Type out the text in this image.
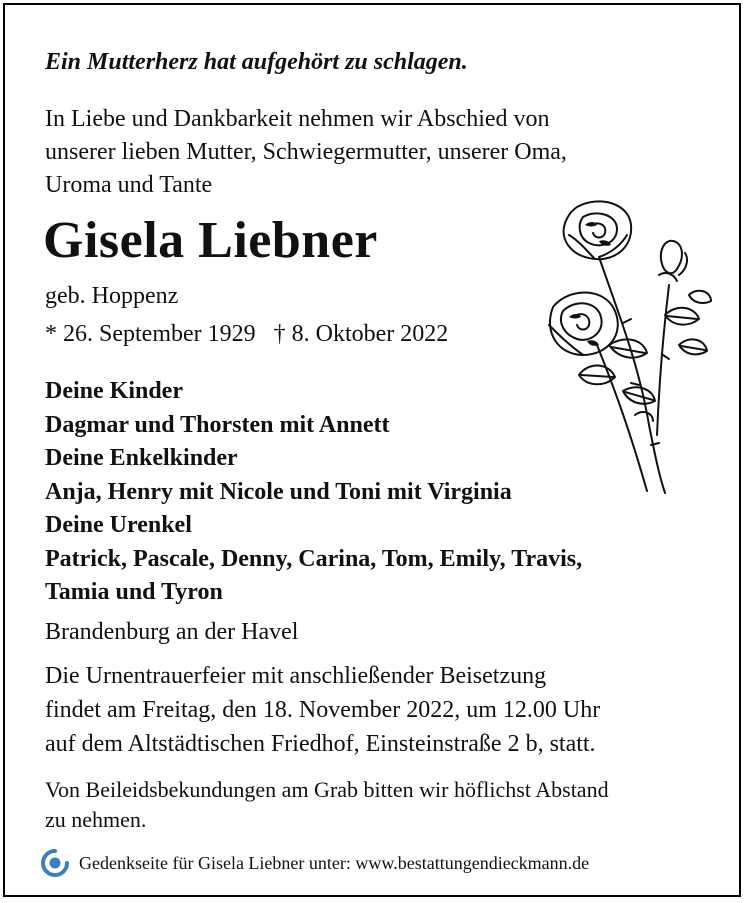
Ein Mutterherz hat aufgehört zu schlagen.
In Liebe und Dankbarkeit nehmen wir Abschied von
unserer lieben Mutter, Schwiegermutter, unserer Oma,
Uroma und Tante
Gisela Liebner
geb. Hoppenz
* 26. September 1929 † 8. Oktober 2022
Deine Kinder
Dagmar und Thorsten mit Annett
Deine Enkelkinder
Anja, Henry mit Nicole und Toni mit Virginia
Deine Urenkel
Patrick, Pascale, Denny, Carina, Tom, Emily, Travis,
Tamia und Tyron
Brandenburg an der Havel
Die Urnentrauerfeier mit anschließender Beisetzung
findet am Freitag, den 18. November 2022, um 12.00 Uhr
auf dem Altstädtischen Friedhof, Einsteinstraße 2 b, statt.
Von Beileidsbekundungen am Grab bitten wir höflichst Abstand
zu nehmen.
Gedenkseite für Gisela Liebner unter: www.bestattungendieckmann.de
